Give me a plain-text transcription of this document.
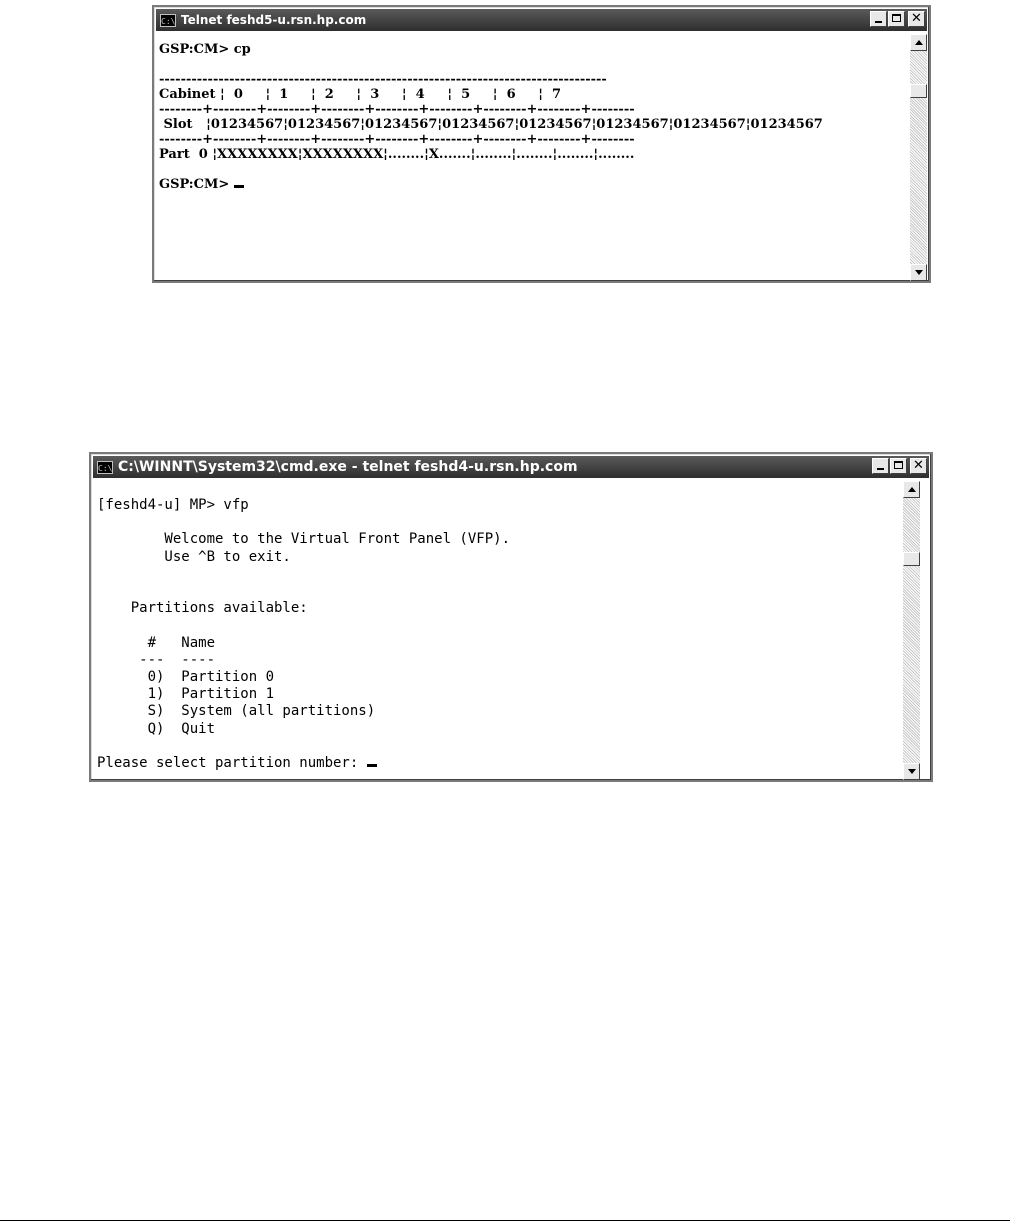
C:\ Telnet feshd5-u.rsn.hp.com	✕
GSP:CM> cp

-----------------------------------------------------------------------------------
Cabinet ¦  0     ¦  1     ¦  2     ¦  3     ¦  4     ¦  5     ¦  6     ¦  7
--------+--------+--------+--------+--------+--------+--------+--------+--------
Slot   ¦01234567¦01234567¦01234567¦01234567¦01234567¦01234567¦01234567¦01234567
--------+--------+--------+--------+--------+--------+--------+--------+--------
Part  0 ¦XXXXXXXX¦XXXXXXXX¦........¦X.......¦........¦........¦........¦........

GSP:CM>
C:\ C:\WINNT\System32\cmd.exe - telnet feshd4-u.rsn.hp.com	✕
[feshd4-u] MP> vfp

Welcome to the Virtual Front Panel (VFP).
Use ^B to exit.

Partitions available:

#   Name
---  ----
0)  Partition 0
1)  Partition 1
S)  System (all partitions)
Q)  Quit

Please select partition number:
